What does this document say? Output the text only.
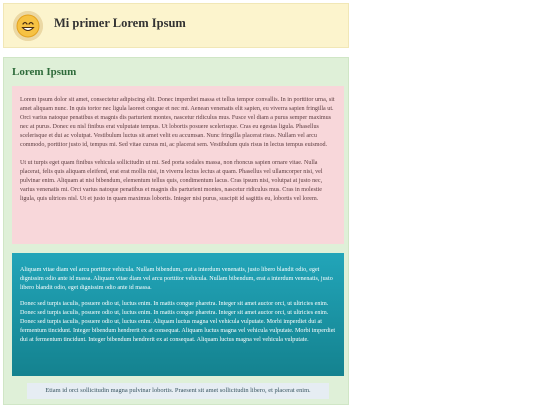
Mi primer Lorem Ipsum
Lorem Ipsum

Lorem ipsum dolor sit amet, consectetur adipiscing elit. Donec imperdiet massa et tellus tempor convallis. In in porttitor urna, sit amet aliquam nunc. In quis tortor nec ligula laoreet congue et nec mi. Aenean venenatis elit sapien, eu viverra sapien fringilla ut. Orci varius natoque penatibus et magnis dis parturient montes, nascetur ridiculus mus. Fusce vel diam a purus semper maximus nec at purus. Donec eu nisl finibus erat vulputate tempus. Ut lobortis posuere scelerisque. Cras eu egestas ligula. Phasellus scelerisque et dui ac volutpat. Vestibulum luctus sit amet velit eu accumsan. Nunc fringilla placerat risus. Nullam vel arcu commodo, porttitor justo id, tempus mi. Sed vitae cursus mi, ac placerat sem. Vestibulum quis risus in lectus tempus euismod.

Ut ut turpis eget quam finibus vehicula sollicitudin ut mi. Sed porta sodales massa, non rhoncus sapien ornare vitae. Nulla placerat, felis quis aliquam eleifend, erat erat mollis nisi, in viverra lectus lectus at quam. Phasellus vel ullamcorper nisi, vel pulvinar enim. Aliquam at nisi bibendum, elementum tellus quis, condimentum lacus. Cras ipsum nisi, volutpat at justo nec, varius venenatis mi. Orci varius natoque penatibus et magnis dis parturient montes, nascetur ridiculus mus. Cras in molestie ligula, quis ultrices nisl. Ut et justo in quam maximus lobortis. Integer nisi purus, suscipit id sagittis eu, lobortis vel lorem.

Aliquam vitae diam vel arcu porttitor vehicula. Nullam bibendum, erat a interdum venenatis, justo libero blandit odio, eget dignissim odio ante id massa. Aliquam vitae diam vel arcu porttitor vehicula. Nullam bibendum, erat a interdum venenatis, justo libero blandit odio, eget dignissim odio ante id massa.

Donec sed turpis iaculis, posuere odio ut, luctus enim. In mattis congue pharetra. Integer sit amet auctor orci, ut ultricies enim. Donec sed turpis iaculis, posuere odio ut, luctus enim. In mattis congue pharetra. Integer sit amet auctor orci, ut ultricies enim. Donec sed turpis iaculis, posuere odio ut, luctus enim. Aliquam luctus magna vel vehicula vulputate. Morbi imperdiet dui at fermentum tincidunt. Integer bibendum hendrerit ex at consequat. Aliquam luctus magna vel vehicula vulputate. Morbi imperdiet dui at fermentum tincidunt. Integer bibendum hendrerit ex at consequat. Aliquam luctus magna vel vehicula vulputate.

Etiam id orci sollicitudin magna pulvinar lobortis. Praesent sit amet sollicitudin libero, et placerat enim.
